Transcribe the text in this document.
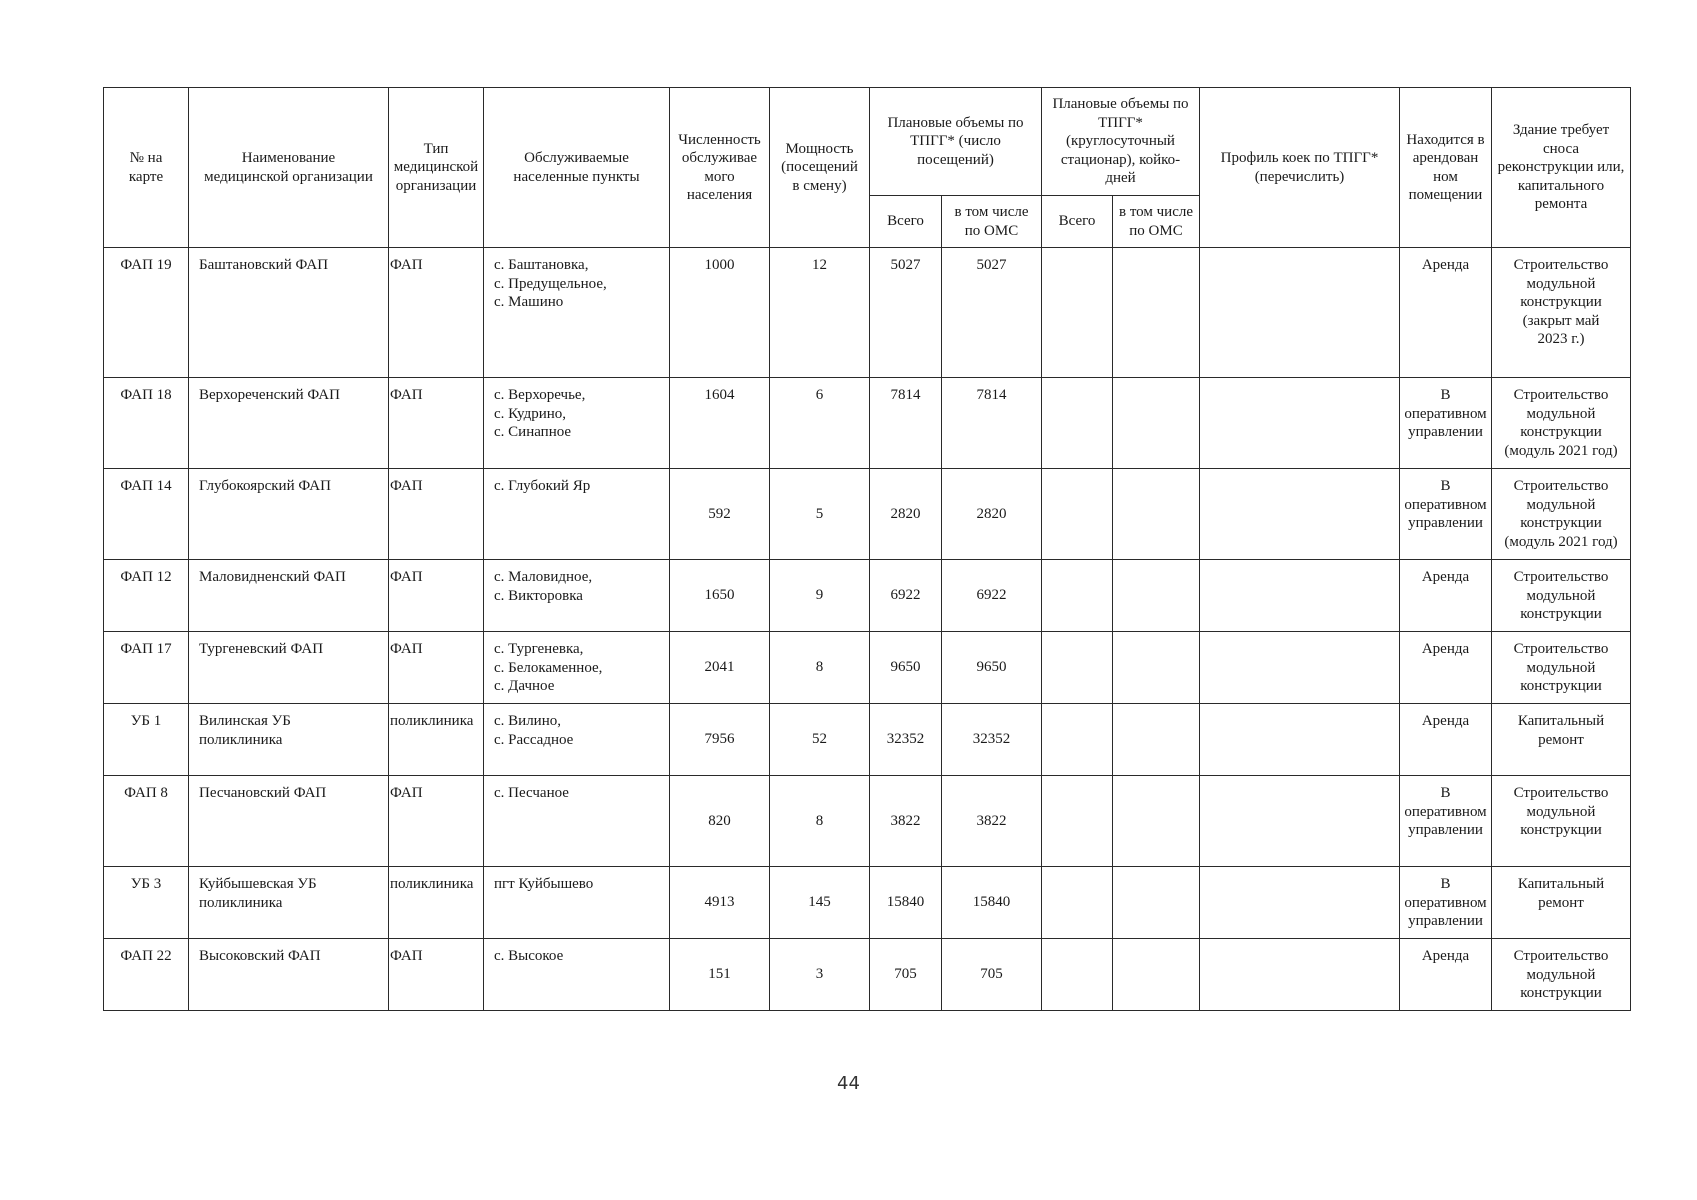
№ на
карте	Наименование
медицинской организации	Тип
медицинской
организации	Обслуживаемые
населенные пункты	Численность
обслуживае
мого
населения	Мощность
(посещений
в смену)	Плановые объемы по
ТПГГ* (число
посещений)		Плановые объемы по
ТПГГ*
(круглосуточный
стационар), койко-
дней		Профиль коек по ТПГГ*
(перечислить)	Находится в
арендован
ном
помещении	Здание требует
сноса
реконструкции или,
капитального
ремонта

						Всего	в том числе
по ОМС	Всего	в том числе
по ОМС			

ФАП 19	Баштановский ФАП	ФАП	с. Баштановка,
с. Предущельное,
с. Машино	1000	12	5027	5027				Аренда	Строительство
модульной
конструкции
(закрыт май
2023 г.)

ФАП 18	Верхореченский ФАП	ФАП	с. Верхоречье,
с. Кудрино,
с. Синапное	1604	6	7814	7814				В
оперативном
управлении	Строительство
модульной
конструкции
(модуль 2021 год)

ФАП 14	Глубокоярский ФАП	ФАП	с. Глубокий Яр	592	5	2820	2820				В
оперативном
управлении	Строительство
модульной
конструкции
(модуль 2021 год)

ФАП 12	Маловидненский ФАП	ФАП	с. Маловидное,
с. Викторовка	1650	9	6922	6922				Аренда	Строительство
модульной
конструкции

ФАП 17	Тургеневский ФАП	ФАП	с. Тургеневка,
с. Белокаменное,
с. Дачное	2041	8	9650	9650				Аренда	Строительство
модульной
конструкции

УБ 1	Вилинская УБ
поликлиника	поликлиника	с. Вилино,
с. Рассадное	7956	52	32352	32352				Аренда	Капитальный
ремонт

ФАП 8	Песчановский ФАП	ФАП	с. Песчаное	820	8	3822	3822				В
оперативном
управлении	Строительство
модульной
конструкции

УБ 3	Куйбышевская УБ
поликлиника	поликлиника	пгт Куйбышево	4913	145	15840	15840				В
оперативном
управлении	Капитальный
ремонт

ФАП 22	Высоковский ФАП	ФАП	с. Высокое	151	3	705	705				Аренда	Строительство
модульной
конструкции
44
